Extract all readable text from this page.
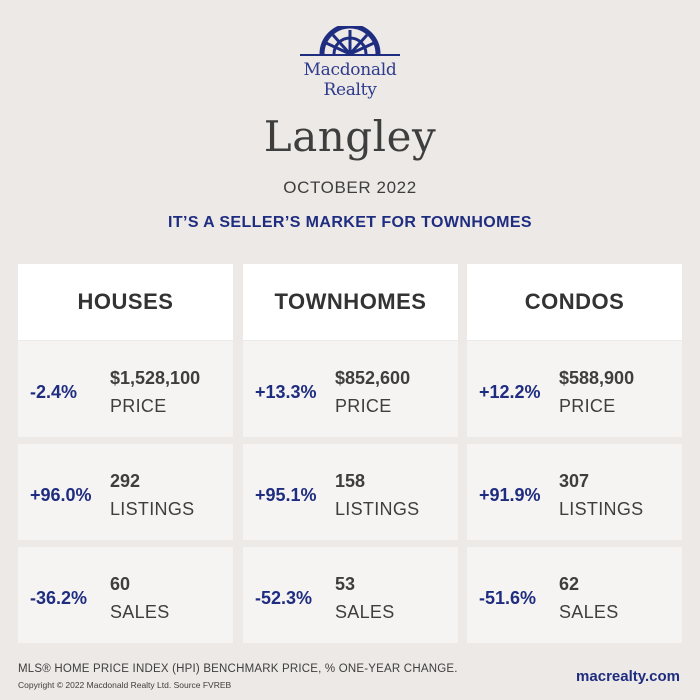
Macdonald
Realty
Langley
OCTOBER 2022
IT’S A SELLER’S MARKET FOR TOWNHOMES
HOUSES
-2.4%
$1,528,100
PRICE
+96.0%
292
LISTINGS
-36.2%
60
SALES
TOWNHOMES
+13.3%
$852,600
PRICE
+95.1%
158
LISTINGS
-52.3%
53
SALES
CONDOS
+12.2%
$588,900
PRICE
+91.9%
307
LISTINGS
-51.6%
62
SALES
MLS® HOME PRICE INDEX (HPI) BENCHMARK PRICE, % ONE-YEAR CHANGE.
Copyright © 2022 Macdonald Realty Ltd. Source FVREB	macrealty.com
